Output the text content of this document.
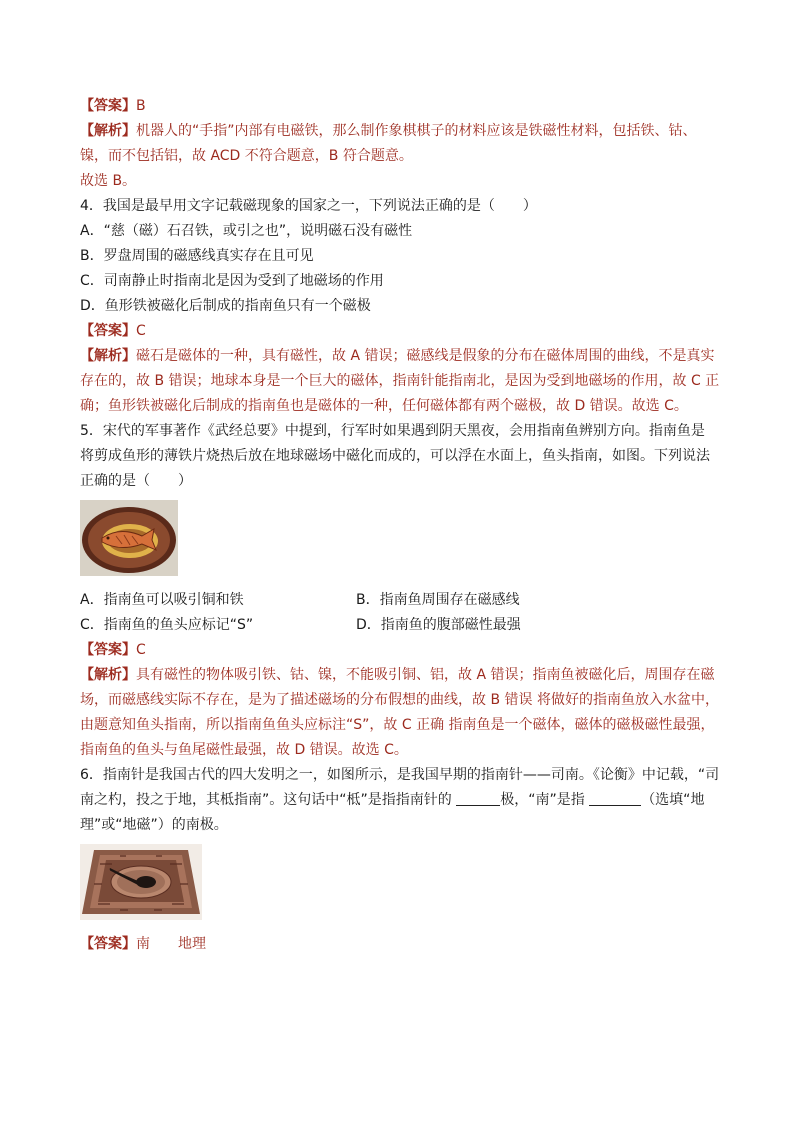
【答案】B

【解析】机器人的“手指”内部有电磁铁，那么制作象棋棋子的材料应该是铁磁性材料，包括铁、钴、

镍，而不包括铝，故 ACD 不符合题意，B 符合题意。

故选 B。

4．我国是最早用文字记载磁现象的国家之一，下列说法正确的是（　　）

A．“慈（磁）石召铁，或引之也”，说明磁石没有磁性

B．罗盘周围的磁感线真实存在且可见

C．司南静止时指南北是因为受到了地磁场的作用

D．鱼形铁被磁化后制成的指南鱼只有一个磁极

【答案】C

【解析】磁石是磁体的一种，具有磁性，故 A 错误；磁感线是假象的分布在磁体周围的曲线，不是真实

存在的，故 B 错误；地球本身是一个巨大的磁体，指南针能指南北，是因为受到地磁场的作用，故 C 正

确；鱼形铁被磁化后制成的指南鱼也是磁体的一种，任何磁体都有两个磁极，故 D 错误。故选 C。

5．宋代的军事著作《武经总要》中提到，行军时如果遇到阴天黑夜，会用指南鱼辨别方向。指南鱼是

将剪成鱼形的薄铁片烧热后放在地球磁场中磁化而成的，可以浮在水面上，鱼头指南，如图。下列说法

正确的是（　　）

A．指南鱼可以吸引铜和铁	B．指南鱼周围存在磁感线

C．指南鱼的鱼头应标记“S”	D．指南鱼的腹部磁性最强

【答案】C

【解析】具有磁性的物体吸引铁、钴、镍，不能吸引铜、铝，故 A 错误；指南鱼被磁化后，周围存在磁

场，而磁感线实际不存在，是为了描述磁场的分布假想的曲线，故 B 错误 将做好的指南鱼放入水盆中，

由题意知鱼头指南，所以指南鱼鱼头应标注“S”，故 C 正确 指南鱼是一个磁体，磁体的磁极磁性最强，

指南鱼的鱼头与鱼尾磁性最强，故 D 错误。故选 C。

6．指南针是我国古代的四大发明之一，如图所示，是我国早期的指南针——司南。《论衡》中记载，“司

南之杓，投之于地，其柢指南”。这句话中“柢”是指指南针的	极，“南”是指	（选填“地

理”或“地磁”）的南极。

【答案】南 地理
